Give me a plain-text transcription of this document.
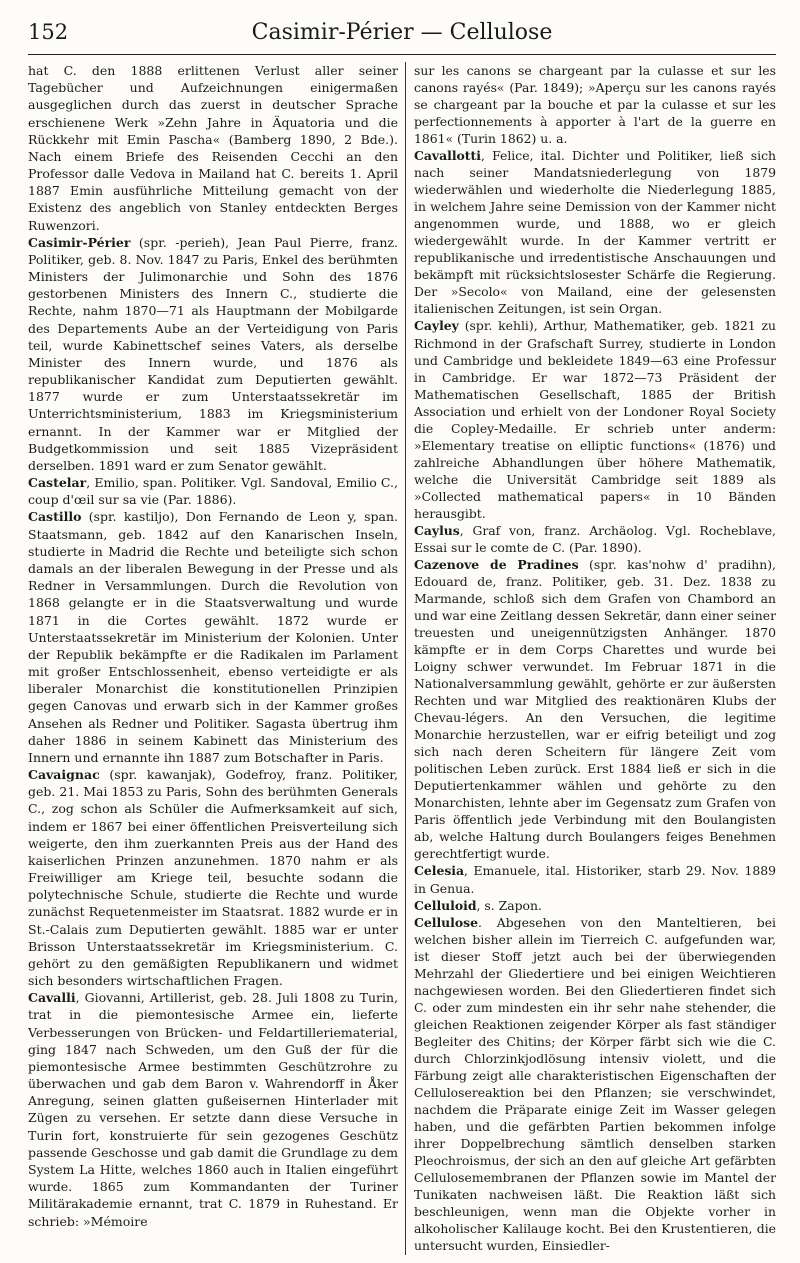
152	Casimir-Périer — Cellulose

hat C. den 1888 erlittenen Verlust aller seiner Tagebücher und Aufzeichnungen einigermaßen ausgeglichen durch das zuerst in deutscher Sprache erschienene Werk »Zehn Jahre in Äquatoria und die Rückkehr mit Emin Pascha« (Bamberg 1890, 2 Bde.). Nach einem Briefe des Reisenden Cecchi an den Professor dalle Vedova in Mailand hat C. bereits 1. April 1887 Emin ausführliche Mitteilung gemacht von der Existenz des angeblich von Stanley entdeckten Berges Ruwenzori.

Casimir-Périer (spr. -perieh), Jean Paul Pierre, franz. Politiker, geb. 8. Nov. 1847 zu Paris, Enkel des berühmten Ministers der Julimonarchie und Sohn des 1876 gestorbenen Ministers des Innern C., studierte die Rechte, nahm 1870—71 als Hauptmann der Mobilgarde des Departements Aube an der Verteidigung von Paris teil, wurde Kabinettschef seines Vaters, als derselbe Minister des Innern wurde, und 1876 als republikanischer Kandidat zum Deputierten gewählt. 1877 wurde er zum Unterstaatssekretär im Unterrichtsministerium, 1883 im Kriegsministerium ernannt. In der Kammer war er Mitglied der Budgetkommission und seit 1885 Vizepräsident derselben. 1891 ward er zum Senator gewählt.

Castelar, Emilio, span. Politiker. Vgl. Sandoval, Emilio C., coup d'œil sur sa vie (Par. 1886).

Castillo (spr. kastiljo), Don Fernando de Leon y, span. Staatsmann, geb. 1842 auf den Kanarischen Inseln, studierte in Madrid die Rechte und beteiligte sich schon damals an der liberalen Bewegung in der Presse und als Redner in Versammlungen. Durch die Revolution von 1868 gelangte er in die Staatsverwaltung und wurde 1871 in die Cortes gewählt. 1872 wurde er Unterstaatssekretär im Ministerium der Kolonien. Unter der Republik bekämpfte er die Radikalen im Parlament mit großer Entschlossenheit, ebenso verteidigte er als liberaler Monarchist die konstitutionellen Prinzipien gegen Canovas und erwarb sich in der Kammer großes Ansehen als Redner und Politiker. Sagasta übertrug ihm daher 1886 in seinem Kabinett das Ministerium des Innern und ernannte ihn 1887 zum Botschafter in Paris.

Cavaignac (spr. kawanjak), Godefroy, franz. Politiker, geb. 21. Mai 1853 zu Paris, Sohn des berühmten Generals C., zog schon als Schüler die Aufmerksamkeit auf sich, indem er 1867 bei einer öffentlichen Preisverteilung sich weigerte, den ihm zuerkannten Preis aus der Hand des kaiserlichen Prinzen anzunehmen. 1870 nahm er als Freiwilliger am Kriege teil, besuchte sodann die polytechnische Schule, studierte die Rechte und wurde zunächst Requetenmeister im Staatsrat. 1882 wurde er in St.-Calais zum Deputierten gewählt. 1885 war er unter Brisson Unterstaatssekretär im Kriegsministerium. C. gehört zu den gemäßigten Republikanern und widmet sich besonders wirtschaftlichen Fragen.

Cavalli, Giovanni, Artillerist, geb. 28. Juli 1808 zu Turin, trat in die piemontesische Armee ein, lieferte Verbesserungen von Brücken- und Feldartilleriematerial, ging 1847 nach Schweden, um den Guß der für die piemontesische Armee bestimmten Geschützrohre zu überwachen und gab dem Baron v. Wahrendorff in Åker Anregung, seinen glatten gußeisernen Hinterlader mit Zügen zu versehen. Er setzte dann diese Versuche in Turin fort, konstruierte für sein gezogenes Geschütz passende Geschosse und gab damit die Grundlage zu dem System La Hitte, welches 1860 auch in Italien eingeführt wurde. 1865 zum Kommandanten der Turiner Militärakademie ernannt, trat C. 1879 in Ruhestand. Er schrieb: »Mémoire

sur les canons se chargeant par la culasse et sur les canons rayés« (Par. 1849); »Aperçu sur les canons rayés se chargeant par la bouche et par la culasse et sur les perfectionnements à apporter à l'art de la guerre en 1861« (Turin 1862) u. a.

Cavallotti, Felice, ital. Dichter und Politiker, ließ sich nach seiner Mandatsniederlegung von 1879 wiederwählen und wiederholte die Niederlegung 1885, in welchem Jahre seine Demission von der Kammer nicht angenommen wurde, und 1888, wo er gleich wiedergewählt wurde. In der Kammer vertritt er republikanische und irredentistische Anschauungen und bekämpft mit rücksichtslosester Schärfe die Regierung. Der »Secolo« von Mailand, eine der gelesensten italienischen Zeitungen, ist sein Organ.

Cayley (spr. kehli), Arthur, Mathematiker, geb. 1821 zu Richmond in der Grafschaft Surrey, studierte in London und Cambridge und bekleidete 1849—63 eine Professur in Cambridge. Er war 1872—73 Präsident der Mathematischen Gesellschaft, 1885 der British Association und erhielt von der Londoner Royal Society die Copley-Medaille. Er schrieb unter anderm: »Elementary treatise on elliptic functions« (1876) und zahlreiche Abhandlungen über höhere Mathematik, welche die Universität Cambridge seit 1889 als »Collected mathematical papers« in 10 Bänden herausgibt.

Caylus, Graf von, franz. Archäolog. Vgl. Rocheblave, Essai sur le comte de C. (Par. 1890).

Cazenove de Pradines (spr. kas'nohw d' pradihn), Edouard de, franz. Politiker, geb. 31. Dez. 1838 zu Marmande, schloß sich dem Grafen von Chambord an und war eine Zeitlang dessen Sekretär, dann einer seiner treuesten und uneigennützigsten Anhänger. 1870 kämpfte er in dem Corps Charettes und wurde bei Loigny schwer verwundet. Im Februar 1871 in die Nationalversammlung gewählt, gehörte er zur äußersten Rechten und war Mitglied des reaktionären Klubs der Chevau-légers. An den Versuchen, die legitime Monarchie herzustellen, war er eifrig beteiligt und zog sich nach deren Scheitern für längere Zeit vom politischen Leben zurück. Erst 1884 ließ er sich in die Deputiertenkammer wählen und gehörte zu den Monarchisten, lehnte aber im Gegensatz zum Grafen von Paris öffentlich jede Verbindung mit den Boulangisten ab, welche Haltung durch Boulangers feiges Benehmen gerechtfertigt wurde.

Celesia, Emanuele, ital. Historiker, starb 29. Nov. 1889 in Genua.

Celluloid, s. Zapon.

Cellulose. Abgesehen von den Manteltieren, bei welchen bisher allein im Tierreich C. aufgefunden war, ist dieser Stoff jetzt auch bei der überwiegenden Mehrzahl der Gliedertiere und bei einigen Weichtieren nachgewiesen worden. Bei den Gliedertieren findet sich C. oder zum mindesten ein ihr sehr nahe stehender, die gleichen Reaktionen zeigender Körper als fast ständiger Begleiter des Chitins; der Körper färbt sich wie die C. durch Chlorzinkjodlösung intensiv violett, und die Färbung zeigt alle charakteristischen Eigenschaften der Cellulosereaktion bei den Pflanzen; sie verschwindet, nachdem die Präparate einige Zeit im Wasser gelegen haben, und die gefärbten Partien bekommen infolge ihrer Doppelbrechung sämtlich denselben starken Pleochroismus, der sich an den auf gleiche Art gefärbten Cellulosemembranen der Pflanzen sowie im Mantel der Tunikaten nachweisen läßt. Die Reaktion läßt sich beschleunigen, wenn man die Objekte vorher in alkoholischer Kalilauge kocht. Bei den Krustentieren, die untersucht wurden, Einsiedler-
